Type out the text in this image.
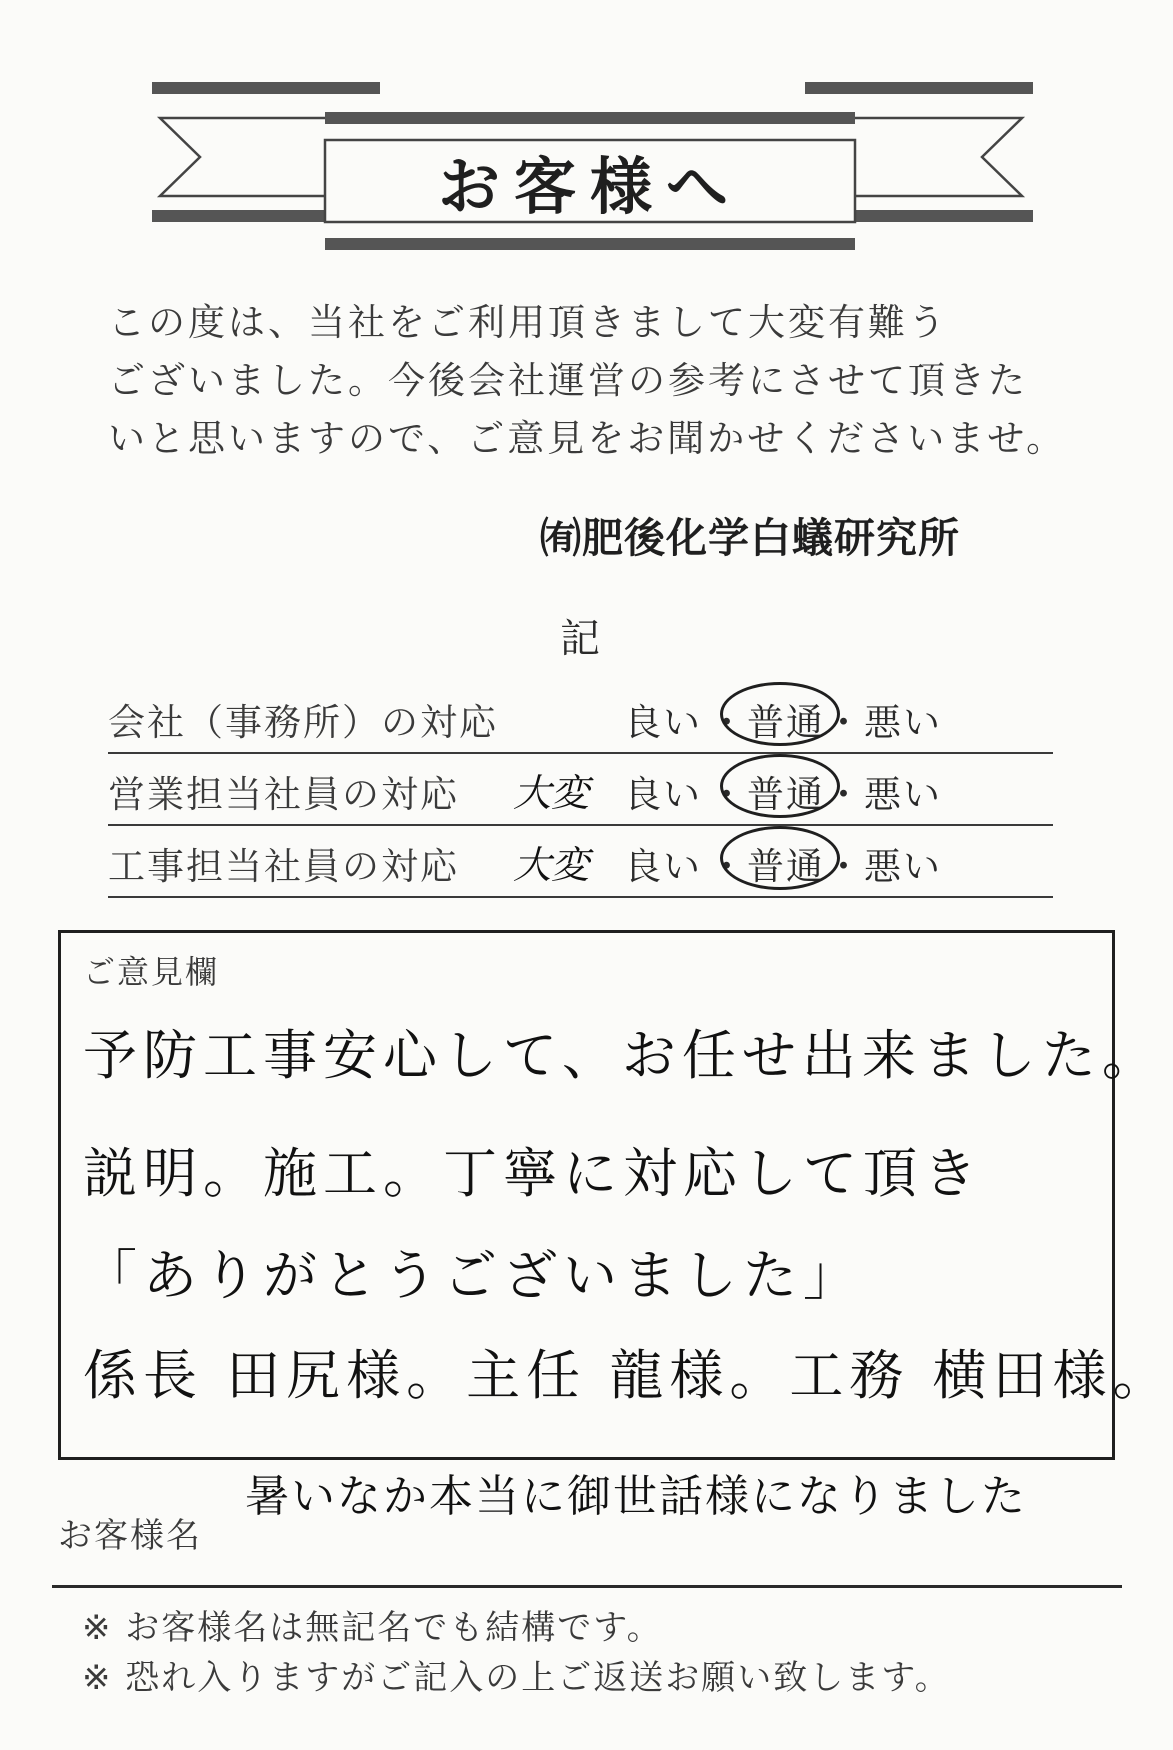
お客様へ
この度は、当社をご利用頂きまして大変有難う
ございました。今後会社運営の参考にさせて頂きた
いと思いますので、ご意見をお聞かせくださいませ。
㈲肥後化学白蟻研究所
記
会社（事務所）の対応	良い ・普通・悪い
営業担当社員の対応 大変 良い ・普通・悪い
工事担当社員の対応 大変 良い ・普通・悪い
ご意見欄
予防工事安心して、お任せ出来ました。
説明。施工。丁寧に対応して頂き
「ありがとうございました」
係長 田尻様。主任 龍様。工務 横田様。
お客様名
暑いなか本当に御世話様になりました
※ お客様名は無記名でも結構です。
※ 恐れ入りますがご記入の上ご返送お願い致します。
